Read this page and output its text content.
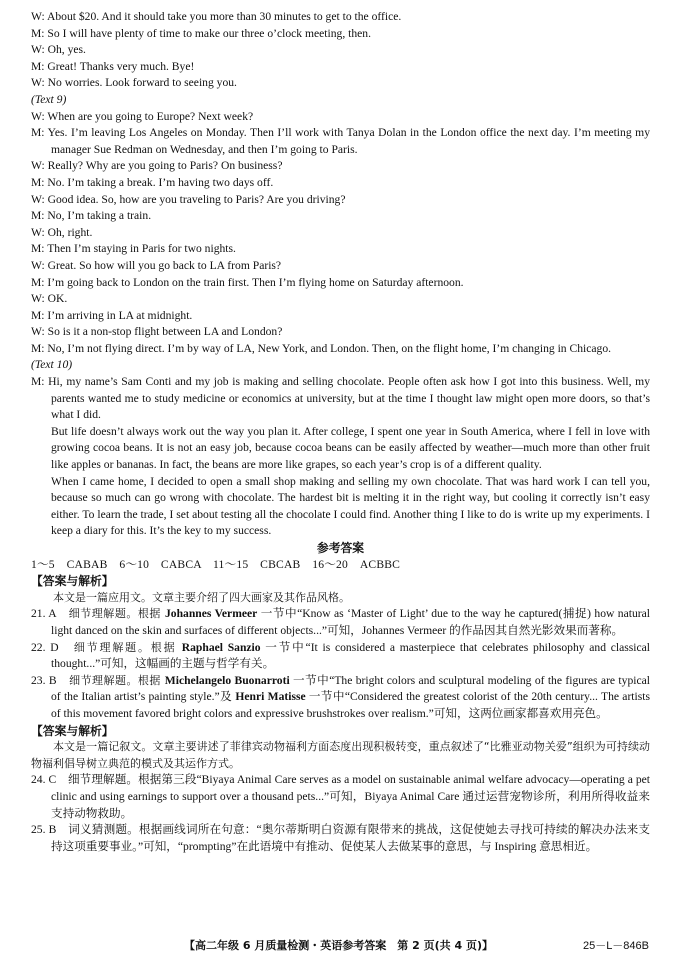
W: About $20. And it should take you more than 30 minutes to get to the office.
M: So I will have plenty of time to make our three o’clock meeting, then.
W: Oh, yes.
M: Great! Thanks very much. Bye!
W: No worries. Look forward to seeing you.
(Text 9)
W: When are you going to Europe? Next week?
M: Yes. I’m leaving Los Angeles on Monday. Then I’ll work with Tanya Dolan in the London office the next day. I’m meeting my manager Sue Redman on Wednesday, and then I’m going to Paris.
W: Really? Why are you going to Paris? On business?
M: No. I’m taking a break. I’m having two days off.
W: Good idea. So, how are you traveling to Paris? Are you driving?
M: No, I’m taking a train.
W: Oh, right.
M: Then I’m staying in Paris for two nights.
W: Great. So how will you go back to LA from Paris?
M: I’m going back to London on the train first. Then I’m flying home on Saturday afternoon.
W: OK.
M: I’m arriving in LA at midnight.
W: So is it a non-stop flight between LA and London?
M: No, I’m not flying direct. I’m by way of LA, New York, and London. Then, on the flight home, I’m changing in Chicago.
(Text 10)
M: Hi, my name’s Sam Conti and my job is making and selling chocolate. People often ask how I got into this business. Well, my parents wanted me to study medicine or economics at university, but at the time I thought law might open more doors, so that’s what I did.
But life doesn’t always work out the way you plan it. After college, I spent one year in South America, where I fell in love with growing cocoa beans. It is not an easy job, because cocoa beans can be easily affected by weather—much more than other fruit like apples or bananas. In fact, the beans are more like grapes, so each year’s crop is of a different quality.
When I came home, I decided to open a small shop making and selling my own chocolate. That was hard work I can tell you, because so much can go wrong with chocolate. The hardest bit is melting it in the right way, but cooling it correctly isn’t easy either. To learn the trade, I set about testing all the chocolate I could find. Another thing I like to do is write up my experiments. I keep a diary for this. It’s the key to my success.
参考答案
1～5　CABAB　6～10　CABCA　11～15　CBCAB　16～20　ACBBC
【答案与解析】
本文是一篇应用文。文章主要介绍了四大画家及其作品风格。
21. A　 细节理解题。根据 Johannes Vermeer 一节中“Know as ‘Master of Light’ due to the way he captured(捕捉) how natural light danced on the skin and surfaces of different objects...”可知，Johannes Vermeer 的作品因其自然光影效果而著称。
22. D　 细节理解题。根据 Raphael Sanzio 一节中“It is considered a masterpiece that celebrates philosophy and classical thought...”可知，这幅画的主题与哲学有关。
23. B　 细节理解题。根据 Michelangelo Buonarroti 一节中“The bright colors and sculptural modeling of the figures are typical of the Italian artist’s painting style.”及 Henri Matisse 一节中“Considered the greatest colorist of the 20th century... The artists of this movement favored bright colors and expressive brushstrokes over realism.”可知，这两位画家都喜欢用亮色。
【答案与解析】
本文是一篇记叙文。文章主要讲述了菲律宾动物福利方面态度出现积极转变，重点叙述了“比雅亚动物关爱”组织为可持续动物福利倡导树立典范的模式及其运作方式。
24. C　 细节理解题。根据第三段“Biyaya Animal Care serves as a model on sustainable animal welfare advocacy—operating a pet clinic and using earnings to support over a thousand pets...”可知，Biyaya Animal Care 通过运营宠物诊所，利用所得收益来支持动物救助。
25. B　 词义猜测题。根据画线词所在句意：“奥尔蒂斯明白资源有限带来的挑战，这促使她去寻找可持续的解决办法来支持这项重要事业。”可知，“prompting”在此语境中有推动、促使某人去做某事的意思，与 Inspiring 意思相近。
【高二年级 6 月质量检测・英语参考答案　第 2 页(共 4 页)】	25－L－846B
